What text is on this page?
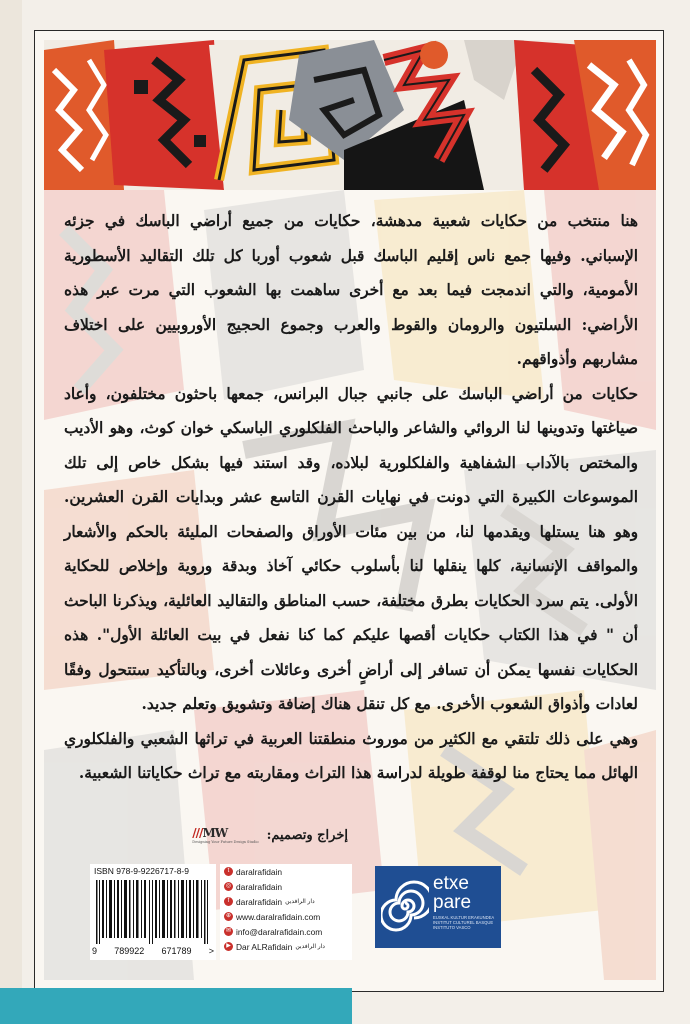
هنا منتخب من حكايات شعبية مدهشة، حكايات من جميع أراضي الباسك في جزئه الإسباني. وفيها جمع ناس إقليم الباسك قبل شعوب أوربا كل تلك التقاليد الأسطورية الأمومية، والتي اندمجت فيما بعد مع أخرى ساهمت بها الشعوب التي مرت عبر هذه الأراضي: السلتيون والرومان والقوط والعرب وجموع الحجيج الأوروبيين على اختلاف مشاربهم وأذواقهم.

حكايات من أراضي الباسك على جانبي جبال البرانس، جمعها باحثون مختلفون، وأعاد صياغتها وتدوينها لنا الروائي والشاعر والباحث الفلكلوري الباسكي خوان كوث، وهو الأديب والمختص بالآداب الشفاهية والفلكلورية لبلاده، وقد استند فيها بشكل خاص إلى تلك الموسوعات الكبيرة التي دونت في نهايات القرن التاسع عشر وبدايات القرن العشرين. وهو هنا يستلها ويقدمها لنا، من بين مئات الأوراق والصفحات المليئة بالحكم والأشعار والمواقف الإنسانية، كلها ينقلها لنا بأسلوب حكائي آخاذ وبدقة وروية وإخلاص للحكاية الأولى. يتم سرد الحكايات بطرق مختلفة، حسب المناطق والتقاليد العائلية، ويذكرنا الباحث أن " في هذا الكتاب حكايات أقصها عليكم كما كنا نفعل في بيت العائلة الأول". هذه الحكايات نفسها يمكن أن تسافر إلى أراضٍ أخرى وعائلات أخرى، وبالتأكيد ستتحول وفقًا لعادات وأذواق الشعوب الأخرى. مع كل تنقل هناك إضافة وتشويق وتعلم جديد.

وهي على ذلك تلتقي مع الكثير من موروث منطقتنا العربية في تراثها الشعبي والفلكلوري الهائل مما يحتاج منا لوقفة طويلة لدراسة هذا التراث ومقاربته مع تراث حكاياتنا الشعبية.

إخراج وتصميم:
///MW
Designing Your Future Design Studio
ISBN 978-9-9226717-8-9
9 789922 671789 >
t daralrafidain
◎ daralrafidain
f daralrafidain دار الرافدين
⊕ www.daralrafidain.com
✉ info@daralrafidain.com
▶ Dar ALRafidain دار الرافدين
etxe
pare
EUSKAL KULTUR ERAKUNDEA INSTITUT CULTUREL BASQUE INSTITUTO VASCO
